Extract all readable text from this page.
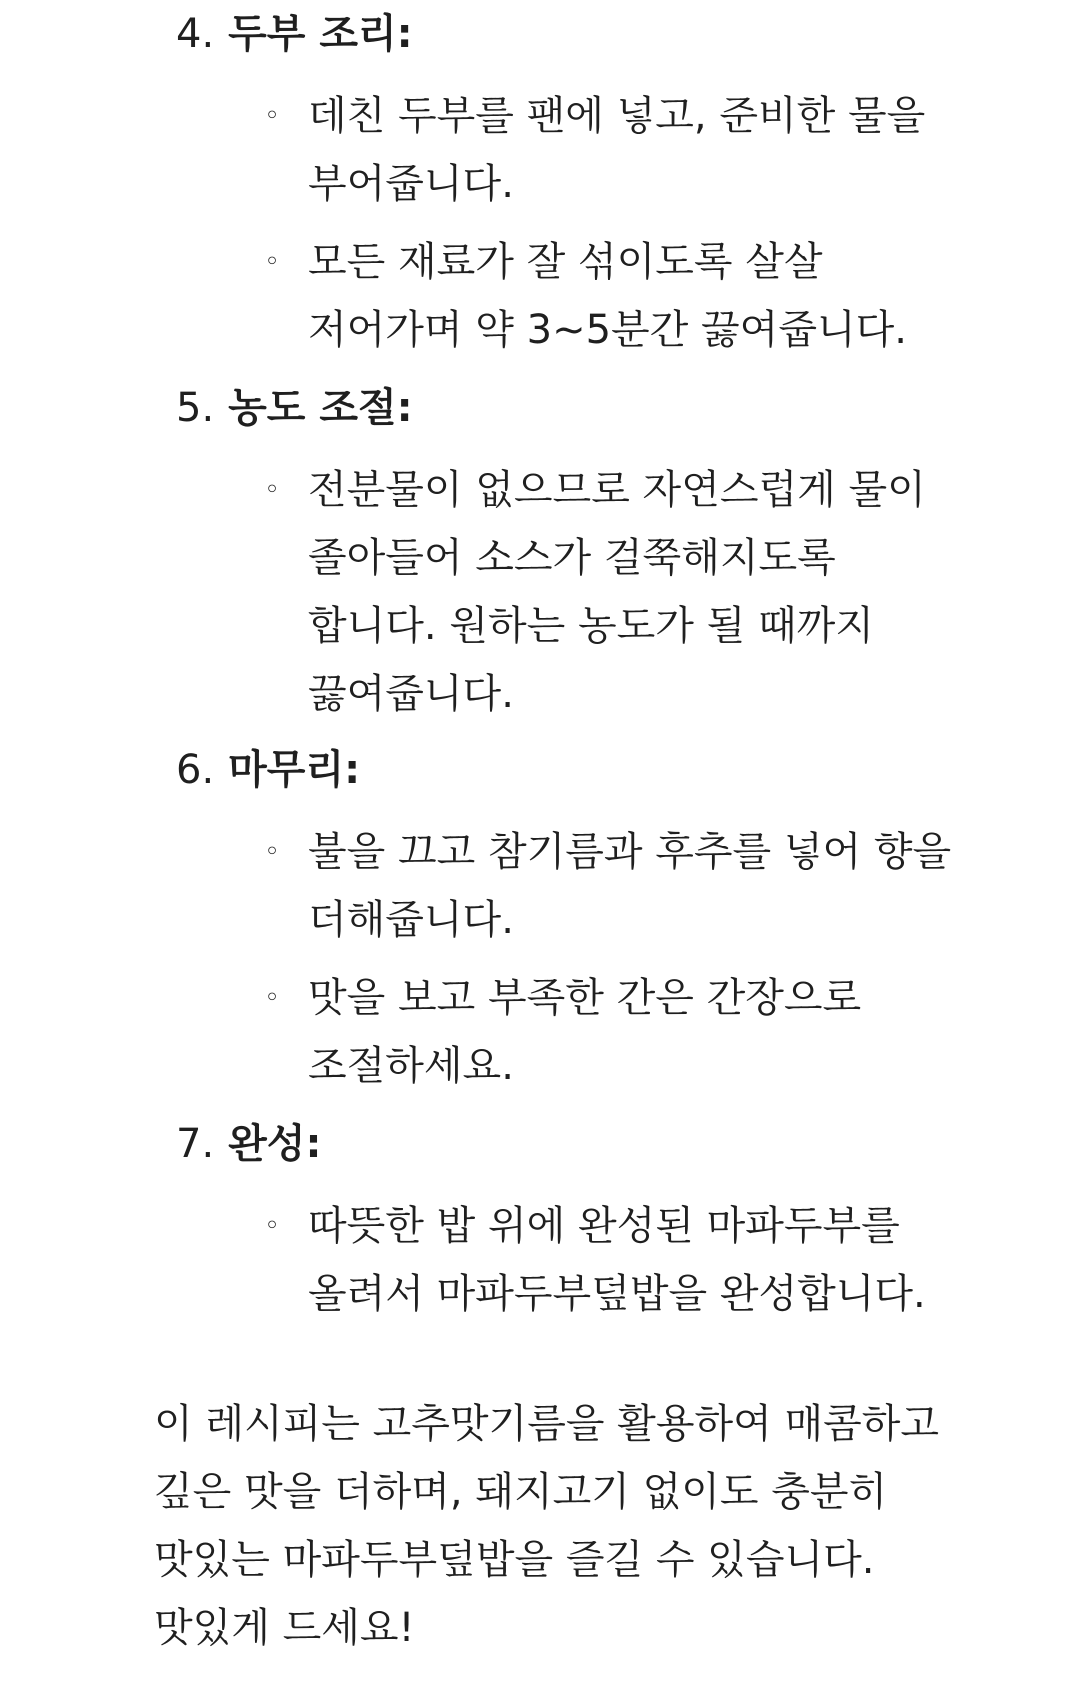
4. 두부 조리:
◦ 데친 두부를 팬에 넣고, 준비한 물을
부어줍니다.
◦ 모든 재료가 잘 섞이도록 살살
저어가며 약 3~5분간 끓여줍니다.
5. 농도 조절:
◦ 전분물이 없으므로 자연스럽게 물이
졸아들어 소스가 걸쭉해지도록
합니다. 원하는 농도가 될 때까지
끓여줍니다.
6. 마무리:
◦ 불을 끄고 참기름과 후추를 넣어 향을
더해줍니다.
◦ 맛을 보고 부족한 간은 간장으로
조절하세요.
7. 완성:
◦ 따뜻한 밥 위에 완성된 마파두부를
올려서 마파두부덮밥을 완성합니다.

이 레시피는 고추맛기름을 활용하여 매콤하고
깊은 맛을 더하며, 돼지고기 없이도 충분히
맛있는 마파두부덮밥을 즐길 수 있습니다.
맛있게 드세요!
